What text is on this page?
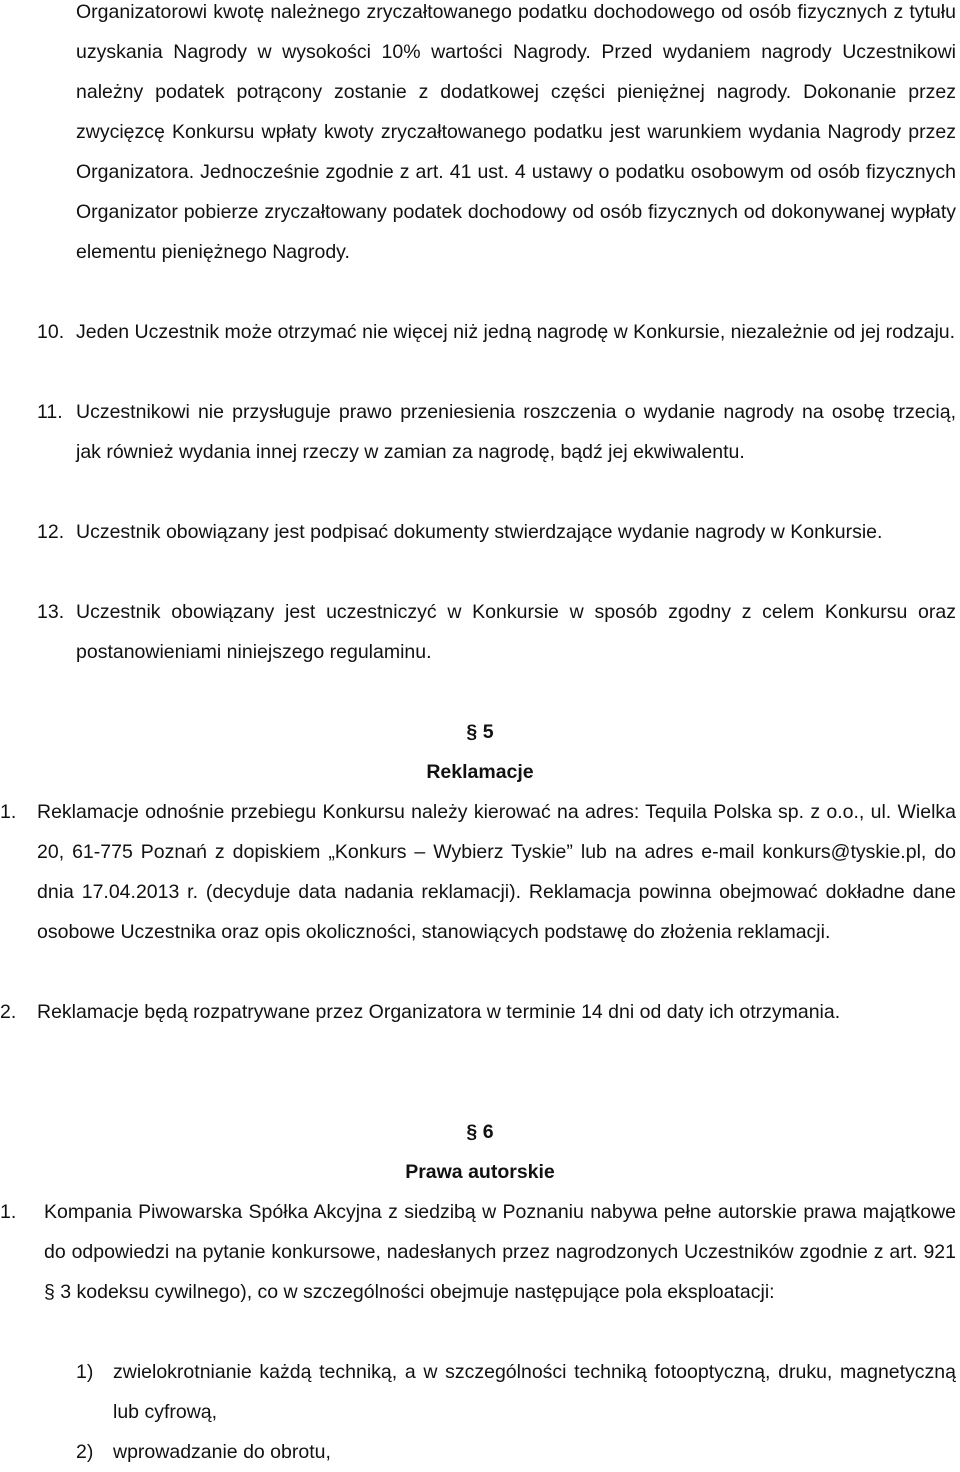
Organizatorowi kwotę należnego zryczałtowanego podatku dochodowego od osób fizycznych z tytułu uzyskania Nagrody w wysokości 10% wartości Nagrody. Przed wydaniem nagrody Uczestnikowi należny podatek potrącony zostanie z dodatkowej części pieniężnej nagrody. Dokonanie przez zwycięzcę Konkursu wpłaty kwoty zryczałtowanego podatku jest warunkiem wydania Nagrody przez Organizatora. Jednocześnie zgodnie z art. 41 ust. 4 ustawy o podatku osobowym od osób fizycznych Organizator pobierze zryczałtowany podatek dochodowy od osób fizycznych od dokonywanej wypłaty elementu pieniężnego Nagrody.

10. Jeden Uczestnik może otrzymać nie więcej niż jedną nagrodę w Konkursie, niezależnie od jej rodzaju.

11. Uczestnikowi nie przysługuje prawo przeniesienia roszczenia o wydanie nagrody na osobę trzecią, jak również wydania innej rzeczy w zamian za nagrodę, bądź jej ekwiwalentu.

12. Uczestnik obowiązany jest podpisać dokumenty stwierdzające wydanie nagrody w Konkursie.

13. Uczestnik obowiązany jest uczestniczyć w Konkursie w sposób zgodny z celem Konkursu oraz postanowieniami niniejszego regulaminu.

§ 5
Reklamacje
1. Reklamacje odnośnie przebiegu Konkursu należy kierować na adres: Tequila Polska sp. z o.o., ul. Wielka 20, 61-775 Poznań z dopiskiem „Konkurs – Wybierz Tyskie” lub na adres e-mail konkurs@tyskie.pl, do dnia 17.04.2013 r. (decyduje data nadania reklamacji). Reklamacja powinna obejmować dokładne dane osobowe Uczestnika oraz opis okoliczności, stanowiących podstawę do złożenia reklamacji.

2. Reklamacje będą rozpatrywane przez Organizatora w terminie 14 dni od daty ich otrzymania.

§ 6
Prawa autorskie
1. Kompania Piwowarska Spółka Akcyjna z siedzibą w Poznaniu nabywa pełne autorskie prawa majątkowe do odpowiedzi na pytanie konkursowe, nadesłanych przez nagrodzonych Uczestników zgodnie z art. 921 § 3 kodeksu cywilnego), co w szczególności obejmuje następujące pola eksploatacji:

1) zwielokrotnianie każdą techniką, a w szczególności techniką fotooptyczną, druku, magnetyczną lub cyfrową,

2) wprowadzanie do obrotu,
